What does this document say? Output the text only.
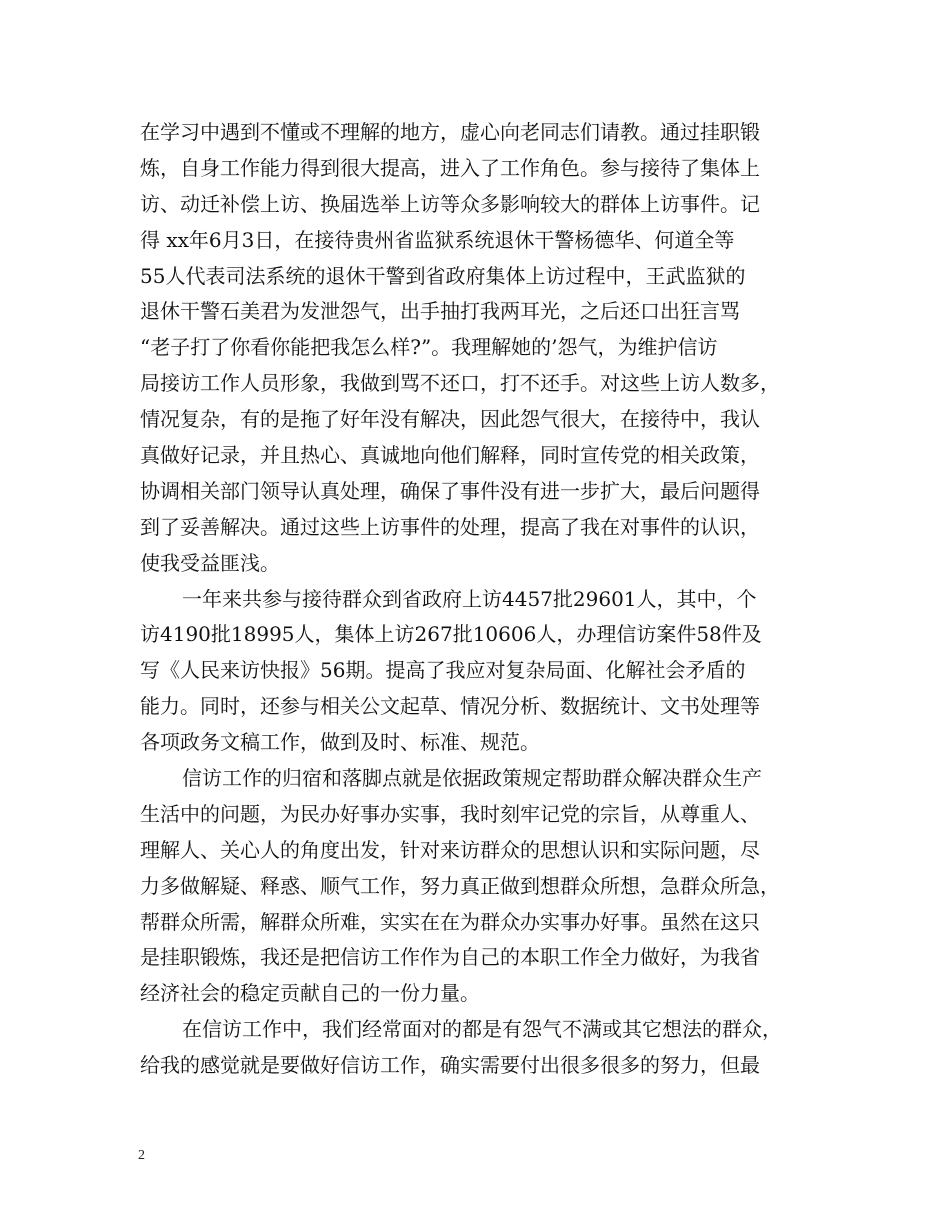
在学习中遇到不懂或不理解的地方，虚心向老同志们请教。通过挂职锻
炼，自身工作能力得到很大提高，进入了工作角色。参与接待了集体上
访、动迁补偿上访、换届选举上访等众多影响较大的群体上访事件。记
得 xx年6月3日，在接待贵州省监狱系统退休干警杨德华、何道全等
55人代表司法系统的退休干警到省政府集体上访过程中，王武监狱的
退休干警石美君为发泄怨气，出手抽打我两耳光，之后还口出狂言骂
“老子打了你看你能把我怎么样?”。我理解她的’怨气，为维护信访
局接访工作人员形象，我做到骂不还口，打不还手。对这些上访人数多，
情况复杂，有的是拖了好年没有解决，因此怨气很大，在接待中，我认
真做好记录，并且热心、真诚地向他们解释，同时宣传党的相关政策，
协调相关部门领导认真处理，确保了事件没有进一步扩大，最后问题得
到了妥善解决。通过这些上访事件的处理，提高了我在对事件的认识，
使我受益匪浅。
一年来共参与接待群众到省政府上访4457批29601人，其中，个
访4190批18995人，集体上访267批10606人，办理信访案件58件及
写《人民来访快报》56期。提高了我应对复杂局面、化解社会矛盾的
能力。同时，还参与相关公文起草、情况分析、数据统计、文书处理等
各项政务文稿工作，做到及时、标准、规范。
信访工作的归宿和落脚点就是依据政策规定帮助群众解决群众生产
生活中的问题，为民办好事办实事，我时刻牢记党的宗旨，从尊重人、
理解人、关心人的角度出发，针对来访群众的思想认识和实际问题，尽
力多做解疑、释惑、顺气工作，努力真正做到想群众所想，急群众所急，
帮群众所需，解群众所难，实实在在为群众办实事办好事。虽然在这只
是挂职锻炼，我还是把信访工作作为自己的本职工作全力做好，为我省
经济社会的稳定贡献自己的一份力量。
在信访工作中，我们经常面对的都是有怨气不满或其它想法的群众，
给我的感觉就是要做好信访工作，确实需要付出很多很多的努力，但最
2
